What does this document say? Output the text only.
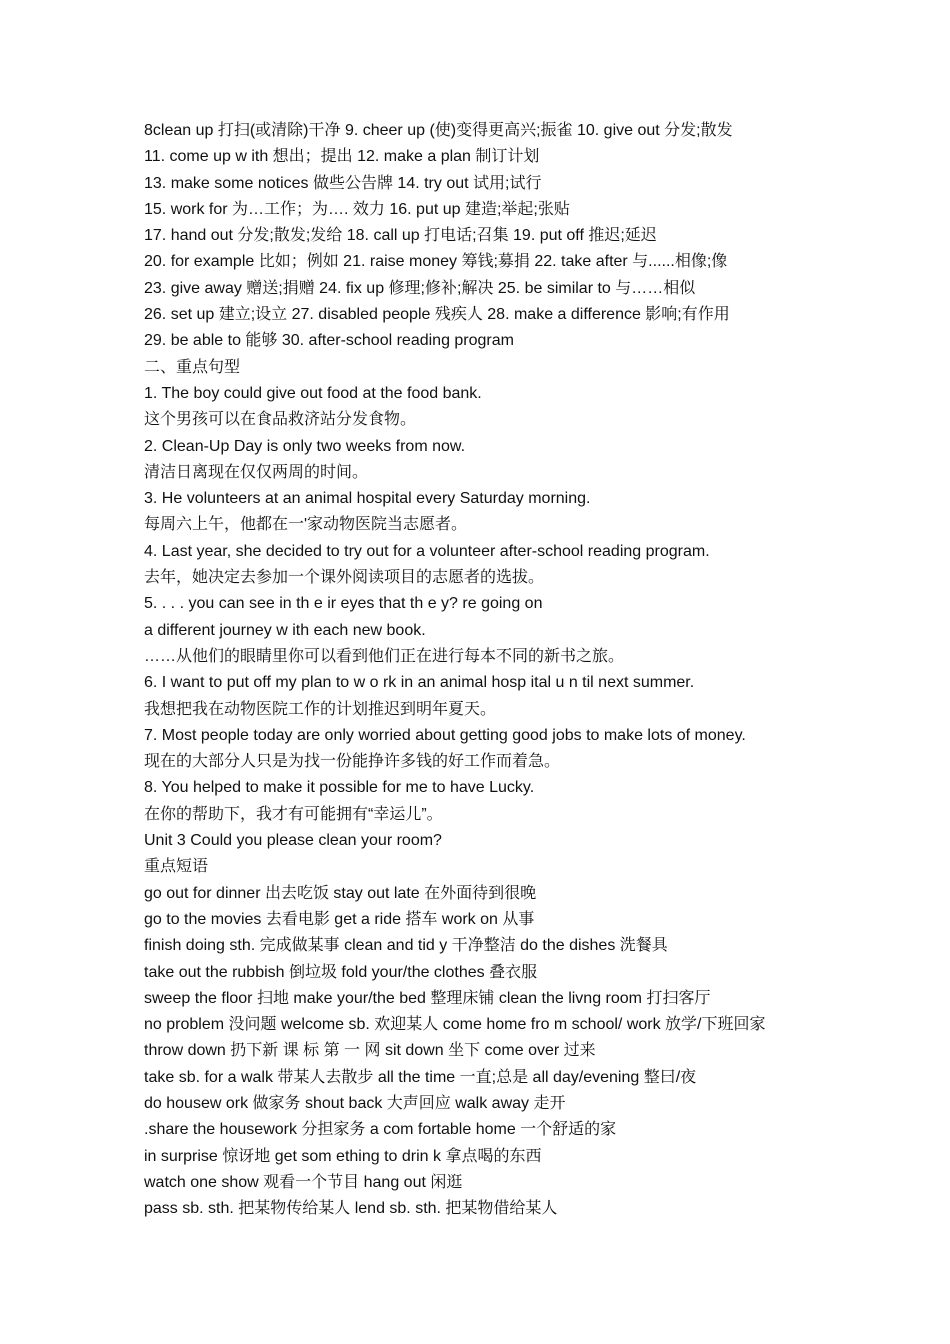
8clean up 打扫(或清除)干净 9. cheer up (使)变得更高兴;振雀 10. give out 分发;散发
11. come up w ith 想出；提出 12. make a plan 制订计划
13. make some notices 做些公告牌 14. try out 试用;试行
15. work for 为…工作；为…. 效力 16. put up 建造;举起;张贴
17. hand out 分发;散发;发给 18. call up 打电话;召集 19. put off 推迟;延迟
20. for example 比如；例如 21. raise money 筹钱;募捐 22. take after 与......相像;像
23. give away 赠送;捐赠 24. fix up 修理;修补;解决 25. be similar to 与……相似
26. set up 建立;设立 27. disabled people 残疾人 28. make a difference 影响;有作用
29. be able to 能够 30. after-school reading program
二、重点句型
1. The boy could give out food at the food bank.
这个男孩可以在食品救济站分发食物。
2. Clean-Up Day is only two weeks from now.
清洁日离现在仅仅两周的时间。
3. He volunteers at an animal hospital every Saturday morning.
每周六上午，他都在一'家动物医院当志愿者。
4. Last year, she decided to try out for a volunteer after-school reading program.
去年，她决定去参加一个课外阅读项目的志愿者的选拔。
5. . . . you can see in th e ir eyes that th e y? re going on
a different journey w ith each new book.
……从他们的眼睛里你可以看到他们正在进行每本不同的新书之旅。
6. I want to put off my plan to w o rk in an animal hosp ital u n til next summer.
我想把我在动物医院工作的计划推迟到明年夏天。
7. Most people today are only worried about getting good jobs to make lots of money.
现在的大部分人只是为找一份能挣许多钱的好工作而着急。
8. You helped to make it possible for me to have Lucky.
在你的帮助下，我才有可能拥有“幸运儿”。
Unit 3 Could you please clean your room?
重点短语
go out for dinner 出去吃饭 stay out late 在外面待到很晚
go to the movies 去看电影 get a ride 搭车 work on 从事
finish doing sth. 完成做某事 clean and tid y 干净整洁 do the dishes 洗餐具
take out the rubbish 倒垃圾 fold your/the clothes 叠衣服
sweep the floor 扫地 make your/the bed 整理床铺 clean the livng room 打扫客厅
no problem 没问题 welcome sb. 欢迎某人 come home fro m school/ work 放学/下班回家
throw down 扔下新 课 标 第 一 网 sit down 坐下 come over 过来
take sb. for a walk 带某人去散步 all the time 一直;总是 all day/evening 整曰/夜
do housew ork 做家务 shout back 大声回应 walk away 走开
.share the housework 分担家务 a com fortable home 一个舒适的家
in surprise 惊讶地 get som ething to drin k 拿点喝的东西
watch one show 观看一个节目 hang out 闲逛
pass sb. sth. 把某物传给某人 lend sb. sth. 把某物借给某人
